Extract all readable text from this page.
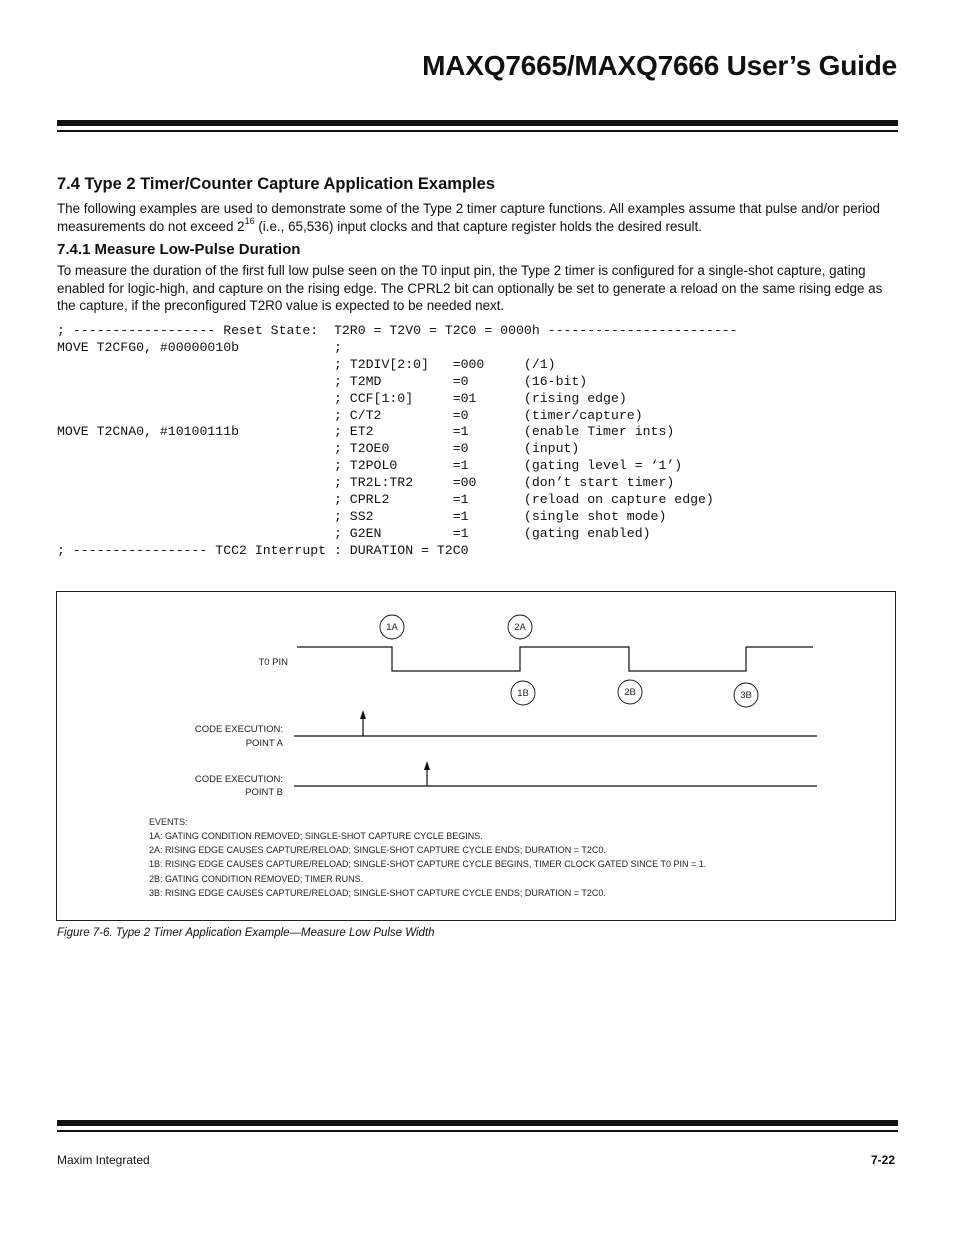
MAXQ7665/MAXQ7666 User’s Guide
7.4 Type 2 Timer/Counter Capture Application Examples

The following examples are used to demonstrate some of the Type 2 timer capture functions. All examples assume that pulse and/or period measurements do not exceed $2^{16}$ (i.e., 65,536) input clocks and that capture register holds the desired result.

7.4.1 Measure Low-Pulse Duration

To measure the duration of the first full low pulse seen on the T0 input pin, the Type 2 timer is configured for a single-shot capture, gating enabled for logic-high, and capture on the rising edge. The CPRL2 bit can optionally be set to generate a reload on the same rising edge as the capture, if the preconfigured T2R0 value is expected to be needed next.

; ------------------ Reset State:  T2R0 = T2V0 = T2C0 = 0000h ------------------------
MOVE T2CFG0, #00000010b            ;
; T2DIV[2:0]   =000     (/1)
; T2MD         =0       (16-bit)
; CCF[1:0]     =01      (rising edge)
; C/T2         =0       (timer/capture)
MOVE T2CNA0, #10100111b            ; ET2          =1       (enable Timer ints)
; T2OE0        =0       (input)
; T2POL0       =1       (gating level = ‘1’)
; TR2L:TR2     =00      (don’t start timer)
; CPRL2        =1       (reload on capture edge)
; SS2          =1       (single shot mode)
; G2EN         =1       (gating enabled)
; ----------------- TCC2 Interrupt : DURATION = T2C0
T0 PIN
1A	2A
1B	2B	3B
CODE EXECUTION:
POINT A
CODE EXECUTION:
POINT B
EVENTS:
1A: GATING CONDITION REMOVED; SINGLE-SHOT CAPTURE CYCLE BEGINS.
2A: RISING EDGE CAUSES CAPTURE/RELOAD; SINGLE-SHOT CAPTURE CYCLE ENDS; DURATION = T2C0.
1B: RISING EDGE CAUSES CAPTURE/RELOAD; SINGLE-SHOT CAPTURE CYCLE BEGINS, TIMER CLOCK GATED SINCE T0 PIN = 1.
2B: GATING CONDITION REMOVED; TIMER RUNS.
3B: RISING EDGE CAUSES CAPTURE/RELOAD; SINGLE-SHOT CAPTURE CYCLE ENDS; DURATION = T2C0.
Figure 7-6. Type 2 Timer Application Example—Measure Low Pulse Width
Maxim Integrated	7-22
